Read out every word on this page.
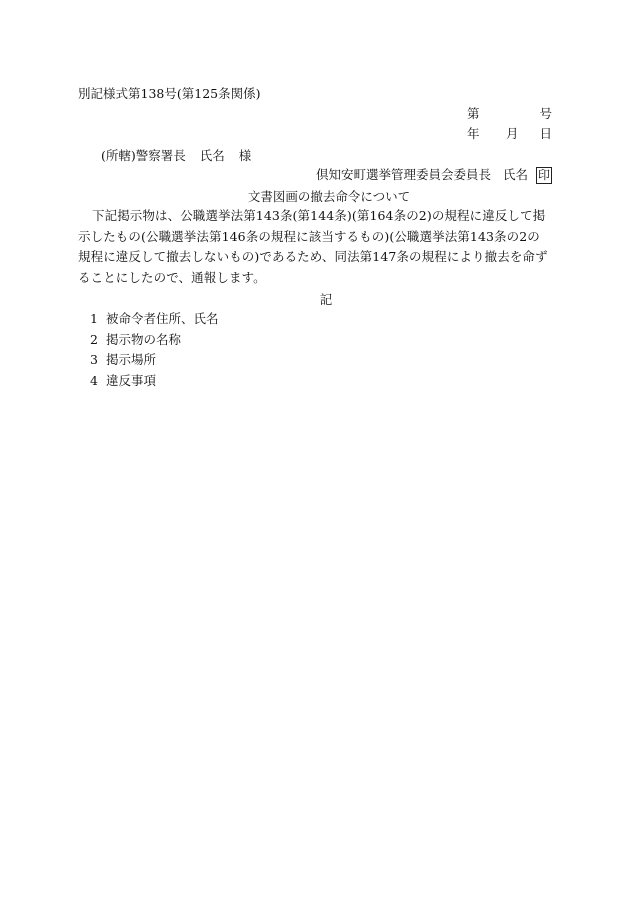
別記様式第138号(第125条関係)
第	号
年 月 日
(所轄)警察署長 氏名 様
倶知安町選挙管理委員会委員長 氏名 印
文書図画の撤去命令について
下記掲示物は、公職選挙法第143条(第144条)(第164条の2)の規程に違反して掲示したもの(公職選挙法第146条の規程に該当するもの)(公職選挙法第143条の2の規程に違反して撤去しないもの)であるため、同法第147条の規程により撤去を命ずることにしたので、通報します。
記
1 被命令者住所、氏名
2 掲示物の名称
3 掲示場所
4 違反事項
